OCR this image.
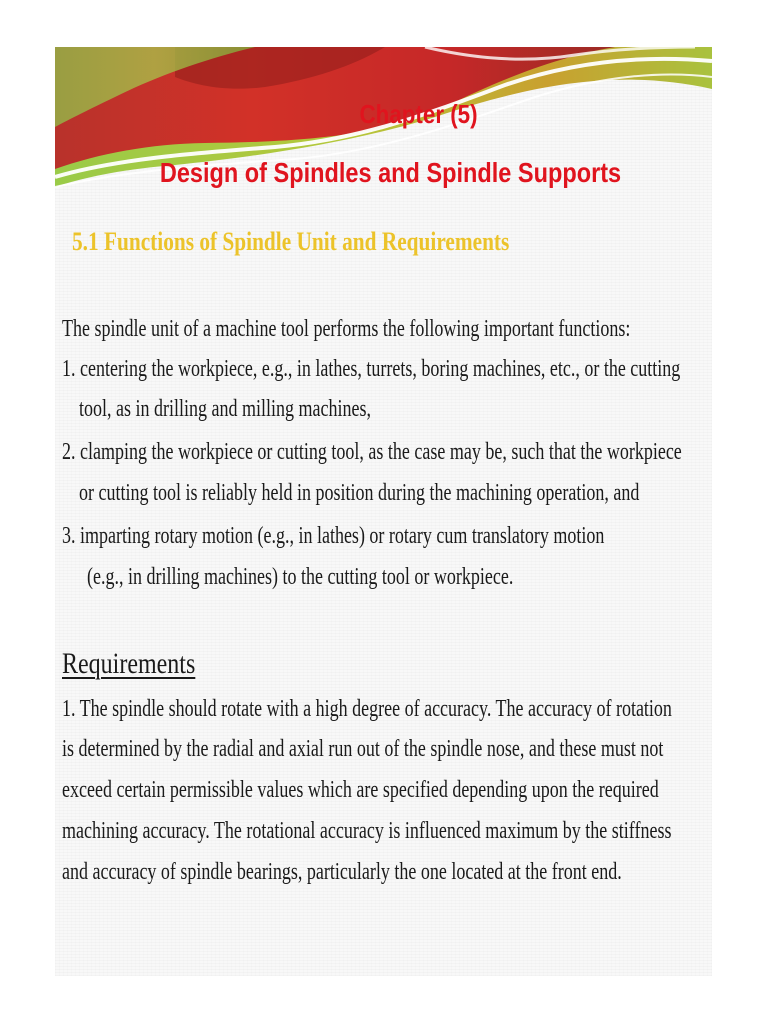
Chapter (5)
Design of Spindles and Spindle Supports
5.1 Functions of Spindle Unit and Requirements
The spindle unit of a machine tool performs the following important functions:
1. centering the workpiece, e.g., in lathes, turrets, boring machines, etc., or the cutting
tool, as in drilling and milling machines,
2. clamping the workpiece or cutting tool, as the case may be, such that the workpiece
or cutting tool is reliably held in position during the machining operation, and
3. imparting rotary motion (e.g., in lathes) or rotary cum translatory motion
(e.g., in drilling machines) to the cutting tool or workpiece.
Requirements
1. The spindle should rotate with a high degree of accuracy. The accuracy of rotation
is determined by the radial and axial run out of the spindle nose, and these must not
exceed certain permissible values which are specified depending upon the required
machining accuracy. The rotational accuracy is influenced maximum by the stiffness
and accuracy of spindle bearings, particularly the one located at the front end.
